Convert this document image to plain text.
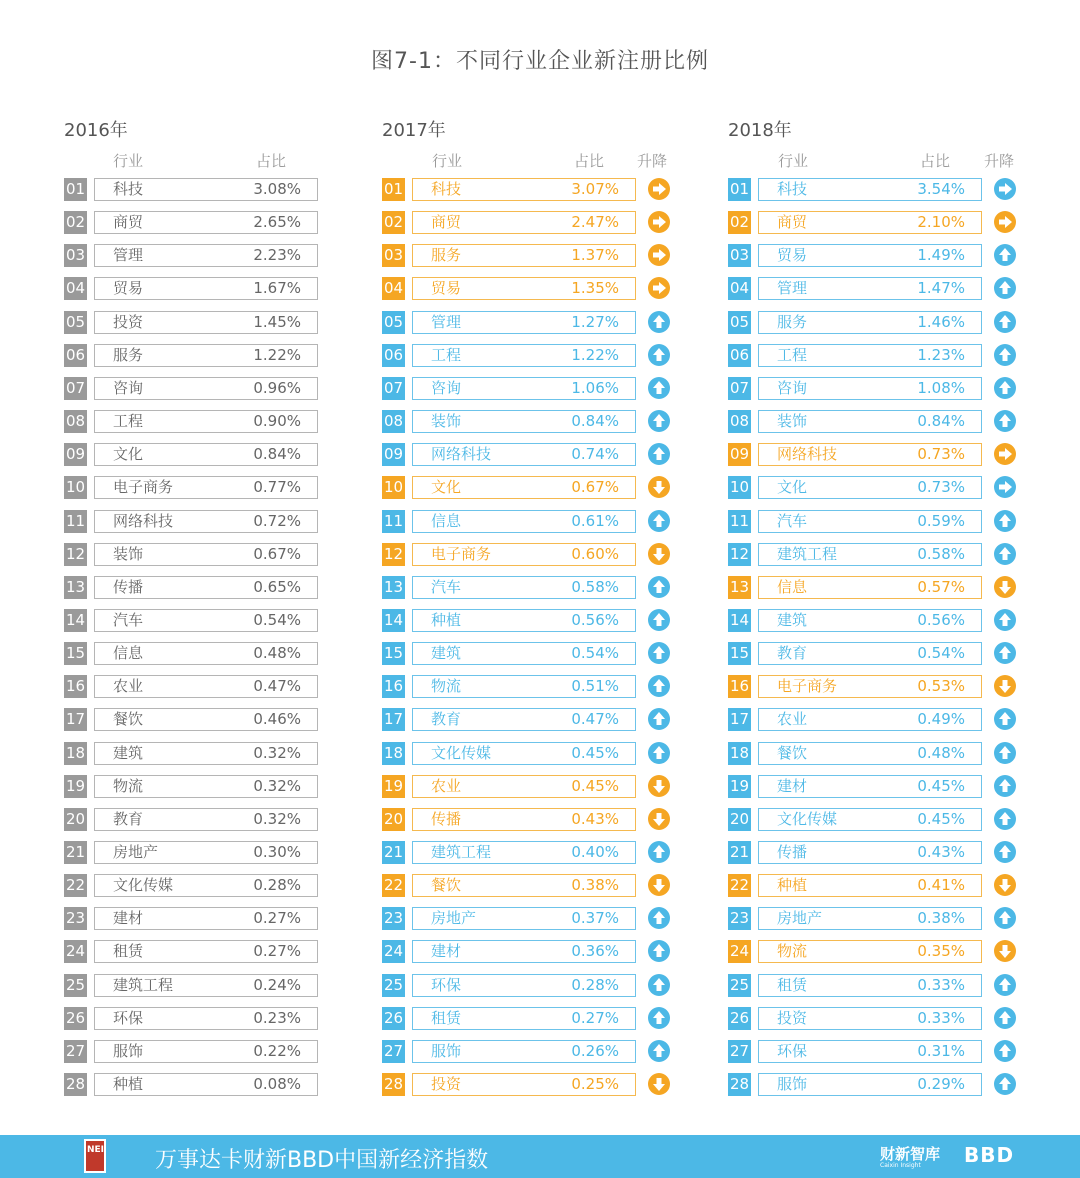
图7-1：不同行业企业新注册比例
2016年
行业	占比
01 科技	3.08%
02 商贸	2.65%
03 管理	2.23%
04 贸易	1.67%
05 投资	1.45%
06 服务	1.22%
07 咨询	0.96%
08 工程	0.90%
09 文化	0.84%
10 电子商务	0.77%
11 网络科技	0.72%
12 装饰	0.67%
13 传播	0.65%
14 汽车	0.54%
15 信息	0.48%
16 农业	0.47%
17 餐饮	0.46%
18 建筑	0.32%
19 物流	0.32%
20 教育	0.32%
21 房地产	0.30%
22 文化传媒	0.28%
23 建材	0.27%
24 租赁	0.27%
25 建筑工程	0.24%
26 环保	0.23%
27 服饰	0.22%
28 种植	0.08%
2017年
行业	占比 升降
01 科技	3.07%
02 商贸	2.47%
03 服务	1.37%
04 贸易	1.35%
05 管理	1.27%
06 工程	1.22%
07 咨询	1.06%
08 装饰	0.84%
09 网络科技	0.74%
10 文化	0.67%
11 信息	0.61%
12 电子商务	0.60%
13 汽车	0.58%
14 种植	0.56%
15 建筑	0.54%
16 物流	0.51%
17 教育	0.47%
18 文化传媒	0.45%
19 农业	0.45%
20 传播	0.43%
21 建筑工程	0.40%
22 餐饮	0.38%
23 房地产	0.37%
24 建材	0.36%
25 环保	0.28%
26 租赁	0.27%
27 服饰	0.26%
28 投资	0.25%
2018年
行业	占比 升降
01 科技	3.54%
02 商贸	2.10%
03 贸易	1.49%
04 管理	1.47%
05 服务	1.46%
06 工程	1.23%
07 咨询	1.08%
08 装饰	0.84%
09 网络科技	0.73%
10 文化	0.73%
11 汽车	0.59%
12 建筑工程	0.58%
13 信息	0.57%
14 建筑	0.56%
15 教育	0.54%
16 电子商务	0.53%
17 农业	0.49%
18 餐饮	0.48%
19 建材	0.45%
20 文化传媒	0.45%
21 传播	0.43%
22 种植	0.41%
23 房地产	0.38%
24 物流	0.35%
25 租赁	0.33%
26 投资	0.33%
27 环保	0.31%
28 服饰	0.29%
NEI 万事达卡财新BBD中国新经济指数	财新智库
Caixin Insight BBD
